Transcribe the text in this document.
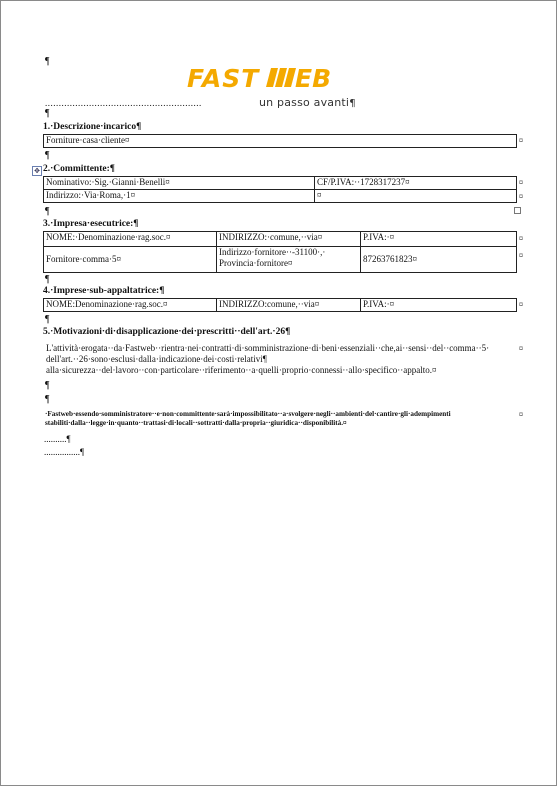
¶
FAST EB
un passo avanti¶
.........................................................
¶
1.·Descrizione·incarico¶
Forniture·casa·cliente¤	¤
¶
✥ 2.·Committente:¶
Nominativo:·Sig.·Gianni·Benelli¤	CF/P.IVA:··1728317237¤
Indirizzo:·Via·Roma,·1¤	¤
¤
¤
¶
3.·Impresa·esecutrice:¶
NOME:·Denominazione·rag.soc.¤	INDIRIZZO:·comune,··via¤	P.IVA:·¤
Fornitore·comma·5¤	Indirizzo·fornitore··-31100·,·
Provincia·fornitore¤	87263761823¤
¤
¤
¶
4.·Imprese·sub-appaltatrice:¶
NOME:Denominazione·rag.soc.¤	INDIRIZZO:comune,··via¤	P.IVA:·¤	¤
¶
5.·Motivazioni·di·disapplicazione·dei·prescritti··dell'art.·26¶
L'attività·erogata··da·Fastweb··rientra·nei·contratti·di·somministrazione·di·beni·essenziali··che,ai··sensi··del··comma··5·
dell'art.··26·sono·esclusi·dalla·indicazione·dei·costi·relativi¶
alla·sicurezza··del·lavoro··con·particolare··riferimento··a·quelli·proprio·connessi··allo·specifico··appalto.¤
¤
¶
¶
·Fastweb·essendo·somministratore··e·non·committente·sarà·impossibilitato··a·svolgere·negli··ambienti·del·cantire·gli·adempimenti
stabiliti·dalla··legge·in·quanto··trattasi·di·locali··sottratti·dalla·propria··giuridica··disponibilità.¤
¤
..........¶
................¶
